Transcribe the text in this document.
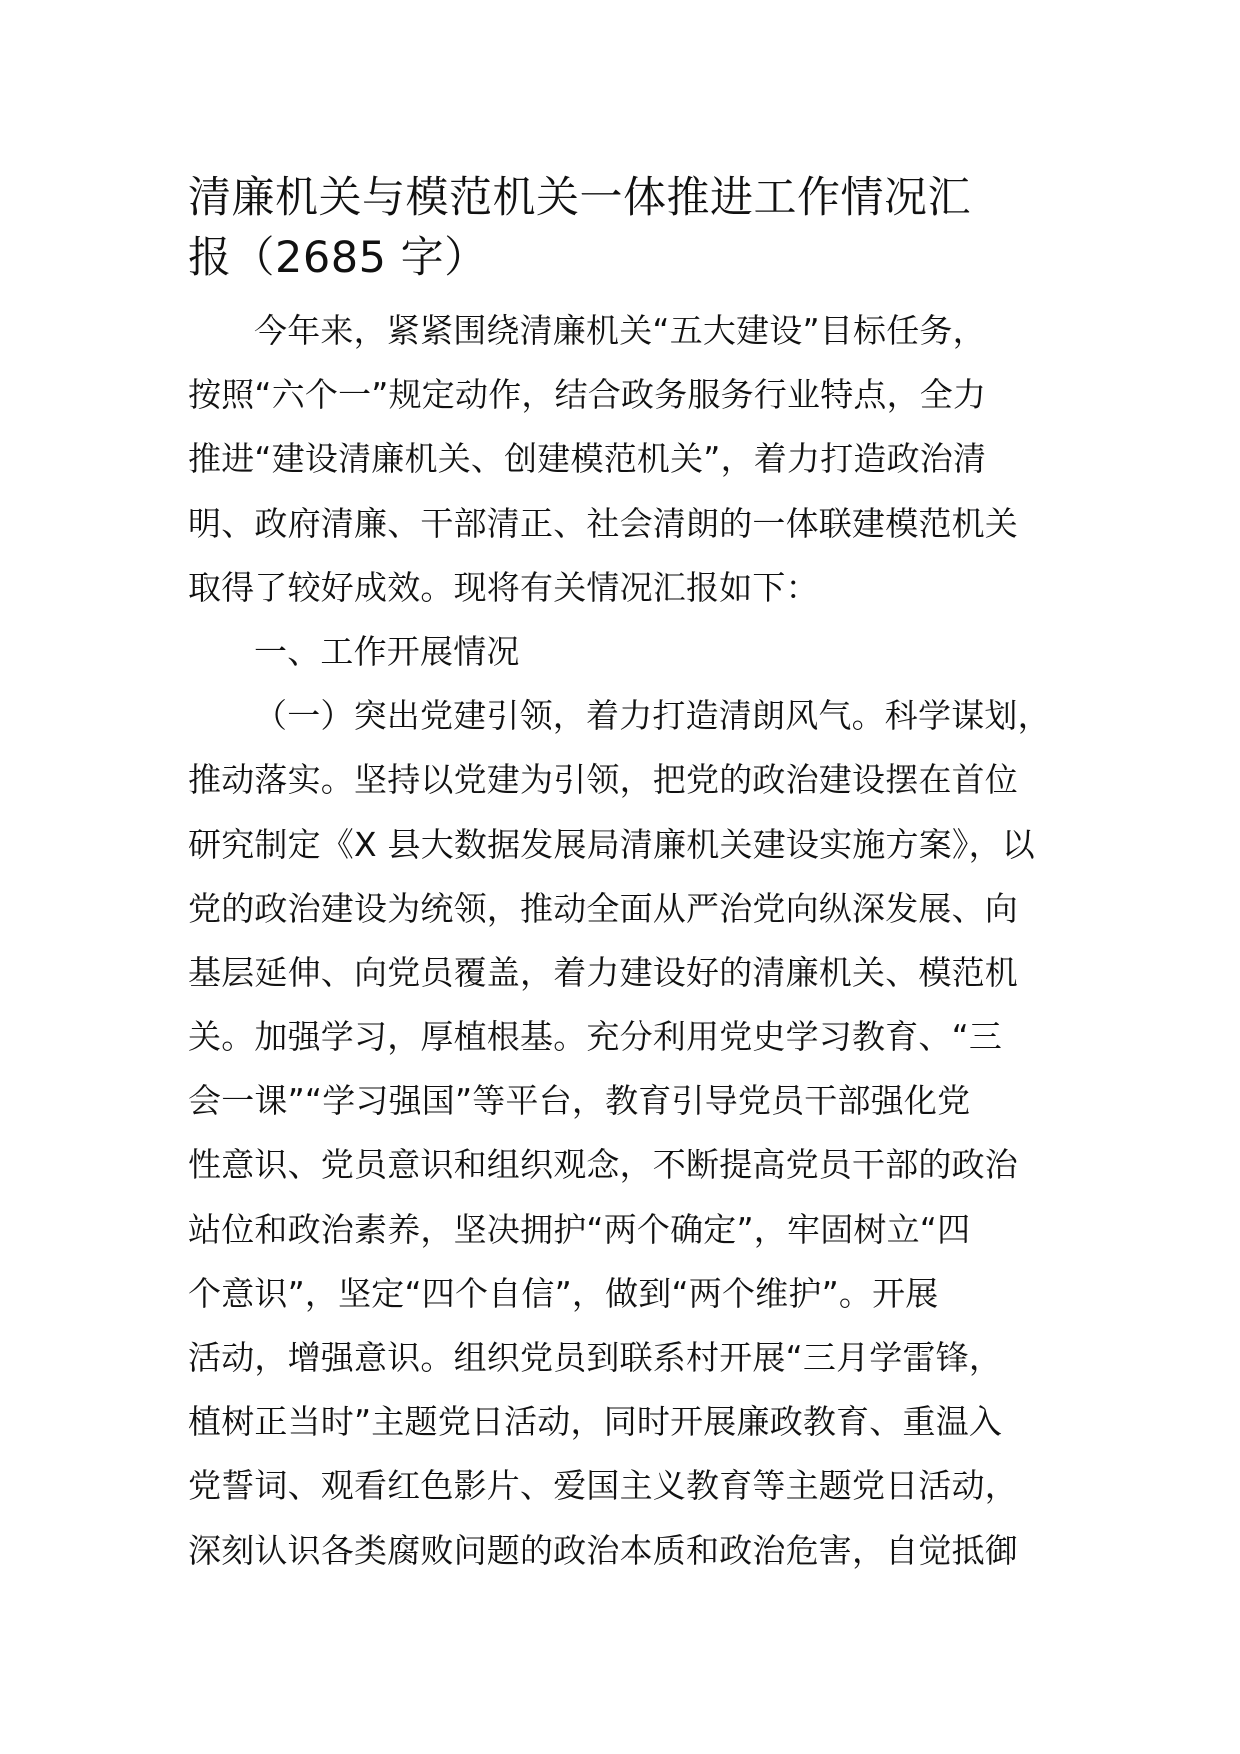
清廉机关与模范机关一体推进工作情况汇
报（2685 字）
今年来，紧紧围绕清廉机关“五大建设”目标任务，
按照“六个一”规定动作，结合政务服务行业特点，全力
推进“建设清廉机关、创建模范机关”，着力打造政治清
明、政府清廉、干部清正、社会清朗的一体联建模范机关
取得了较好成效。现将有关情况汇报如下：
一、工作开展情况
（一）突出党建引领，着力打造清朗风气。科学谋划，
推动落实。坚持以党建为引领，把党的政治建设摆在首位
研究制定《X 县大数据发展局清廉机关建设实施方案》，以
党的政治建设为统领，推动全面从严治党向纵深发展、向
基层延伸、向党员覆盖，着力建设好的清廉机关、模范机
关。加强学习，厚植根基。充分利用党史学习教育、“三
会一课”“学习强国”等平台，教育引导党员干部强化党
性意识、党员意识和组织观念，不断提高党员干部的政治
站位和政治素养，坚决拥护“两个确定”，牢固树立“四
个意识”，坚定“四个自信”，做到“两个维护”。开展
活动，增强意识。组织党员到联系村开展“三月学雷锋，
植树正当时”主题党日活动，同时开展廉政教育、重温入
党誓词、观看红色影片、爱国主义教育等主题党日活动，
深刻认识各类腐败问题的政治本质和政治危害，自觉抵御
